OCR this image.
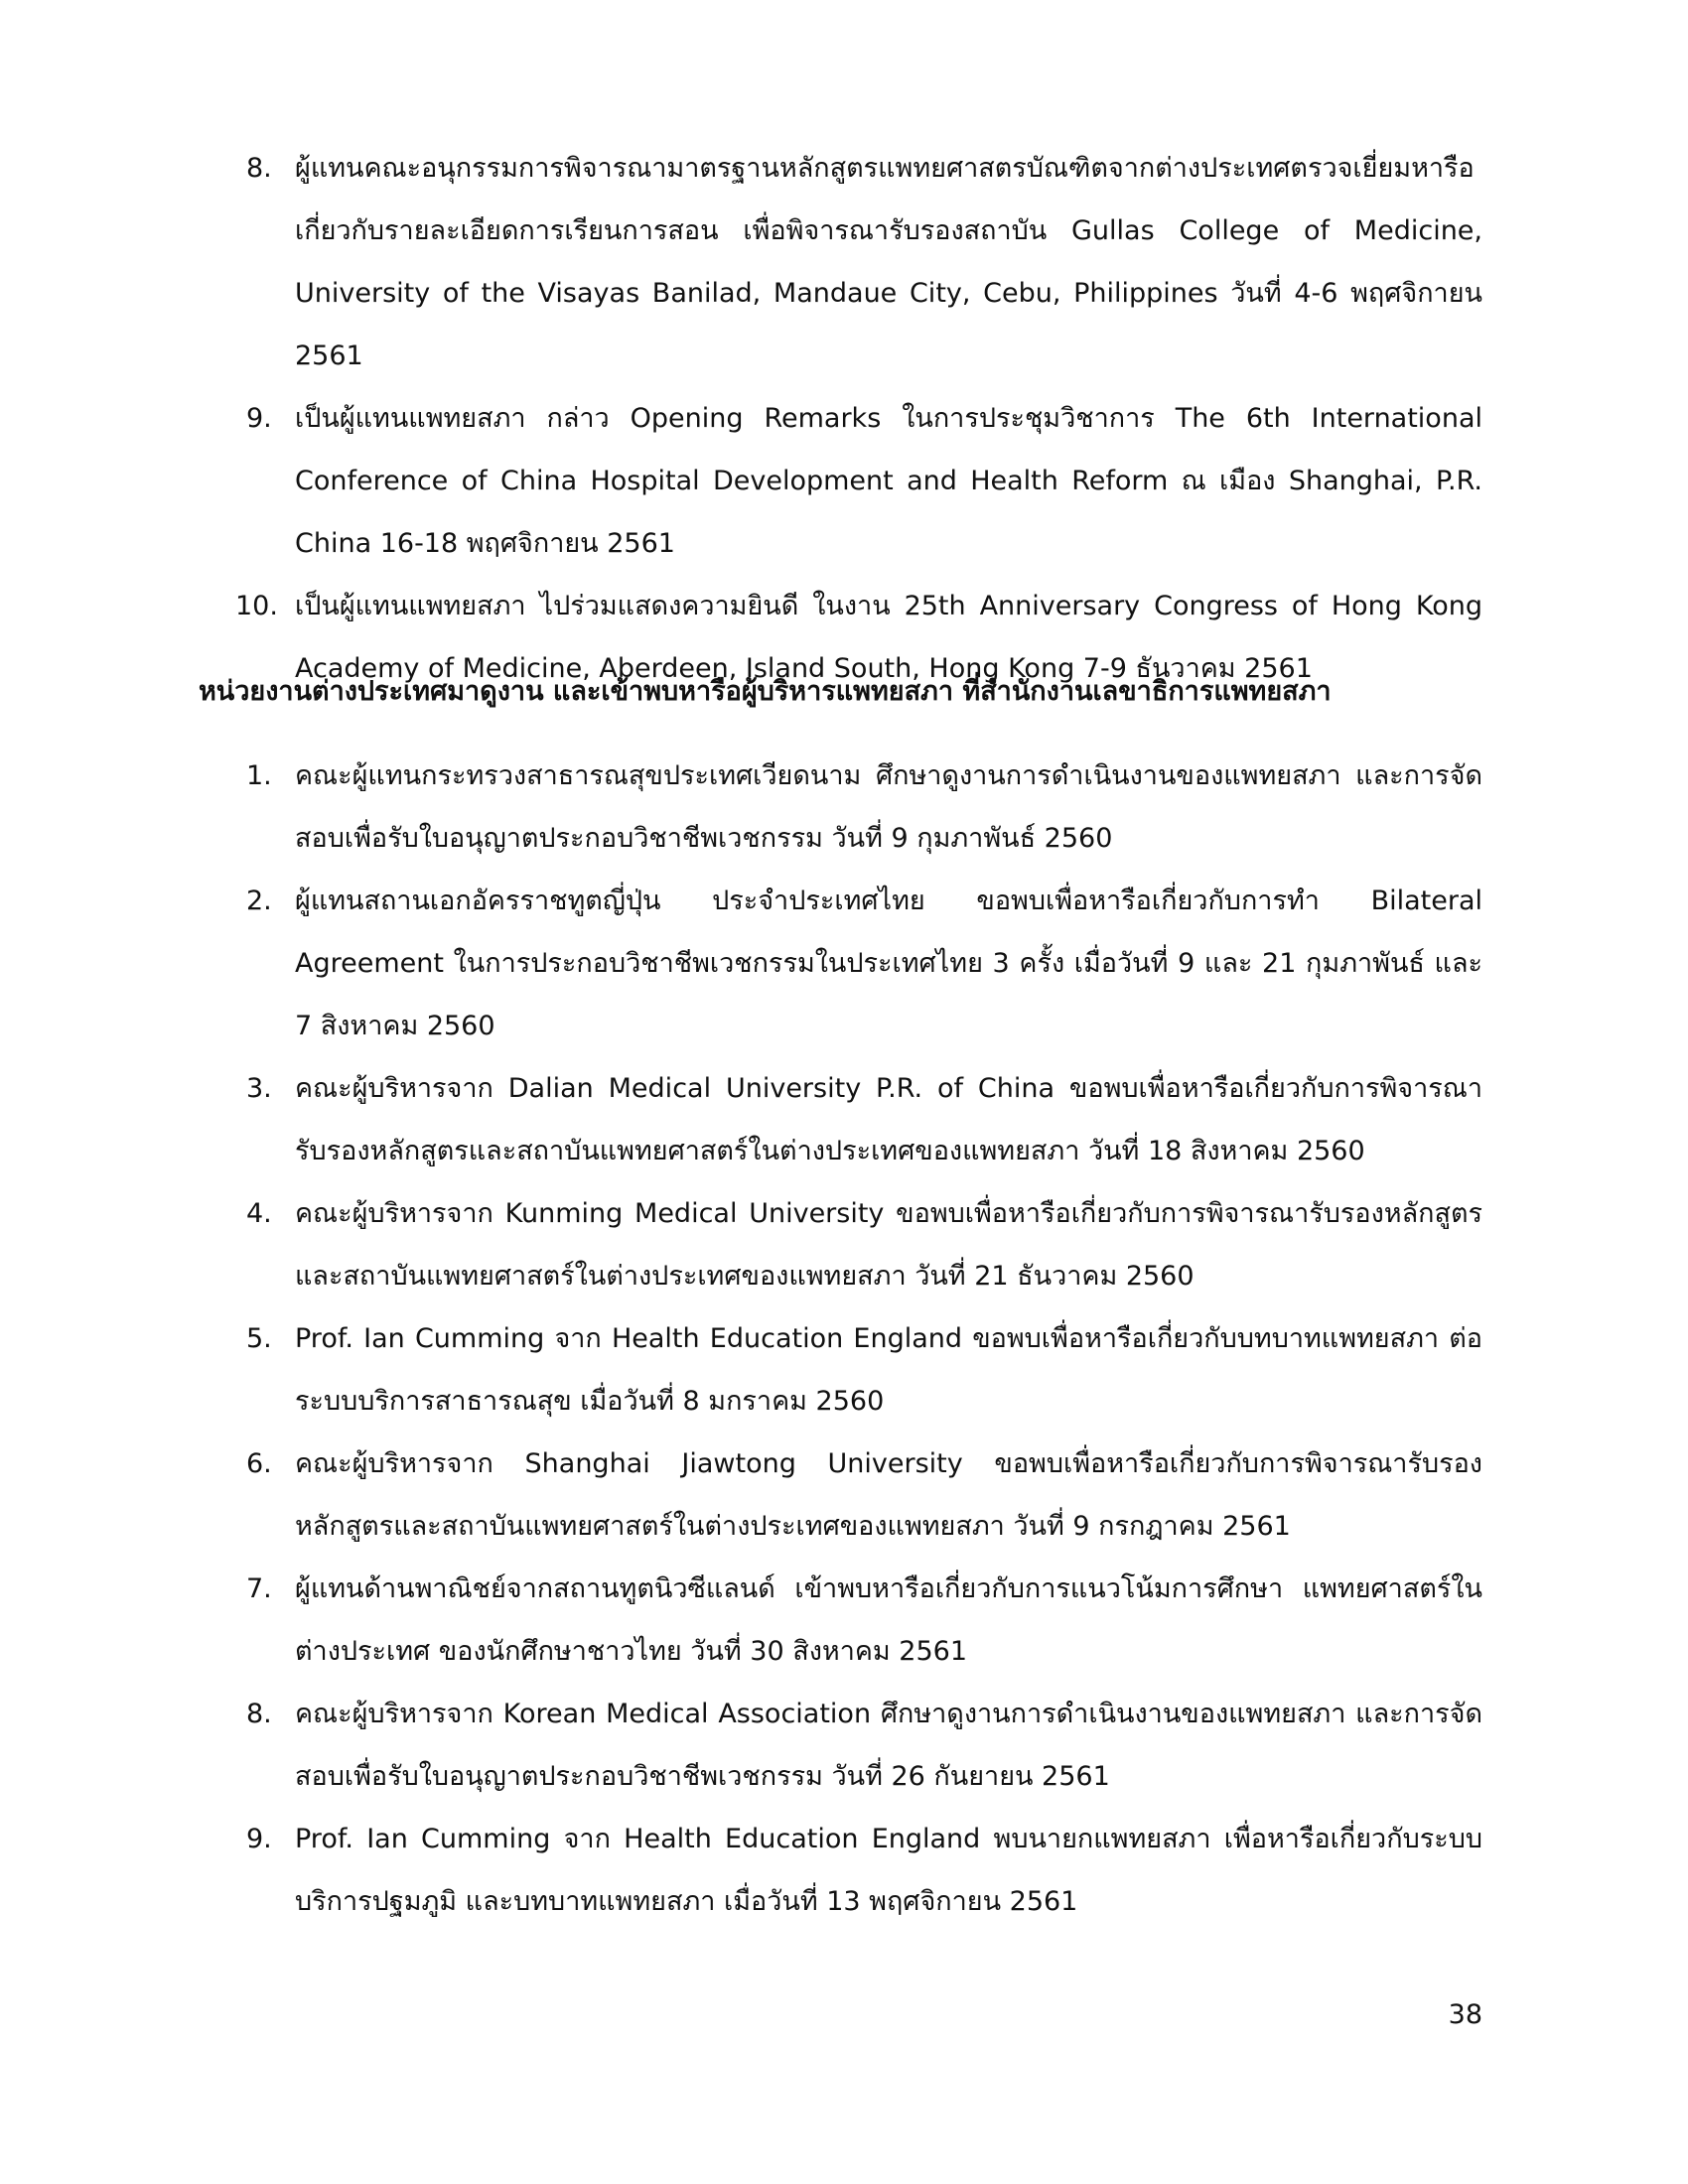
8. ผู้แทนคณะอนุกรรมการพิจารณามาตรฐานหลักสูตรแพทยศาสตรบัณฑิตจากต่างประเทศตรวจเยี่ยมหารือเกี่ยวกับรายละเอียดการเรียนการสอน เพื่อพิจารณารับรองสถาบัน Gullas College of Medicine, University of the Visayas Banilad, Mandaue City, Cebu, Philippines วันที่ 4-6 พฤศจิกายน 2561
9. เป็นผู้แทนแพทยสภา กล่าว Opening Remarks ในการประชุมวิชาการ The 6th International Conference of China Hospital Development and Health Reform ณ เมือง Shanghai, P.R. China 16-18 พฤศจิกายน 2561
10. เป็นผู้แทนแพทยสภา ไปร่วมแสดงความยินดี ในงาน 25th Anniversary Congress of Hong Kong Academy of Medicine, Aberdeen, Island South, Hong Kong 7-9 ธันวาคม 2561
หน่วยงานต่างประเทศมาดูงาน และเข้าพบหารือผู้บริหารแพทยสภา ที่สำนักงานเลขาธิการแพทยสภา
1. คณะผู้แทนกระทรวงสาธารณสุขประเทศเวียดนาม ศึกษาดูงานการดำเนินงานของแพทยสภา และการจัดสอบเพื่อรับใบอนุญาตประกอบวิชาชีพเวชกรรม วันที่ 9 กุมภาพันธ์ 2560
2. ผู้แทนสถานเอกอัครราชทูตญี่ปุ่น ประจำประเทศไทย ขอพบเพื่อหารือเกี่ยวกับการทำ Bilateral Agreement ในการประกอบวิชาชีพเวชกรรมในประเทศไทย 3 ครั้ง เมื่อวันที่ 9 และ 21 กุมภาพันธ์ และ 7 สิงหาคม 2560
3. คณะผู้บริหารจาก Dalian Medical University P.R. of China ขอพบเพื่อหารือเกี่ยวกับการพิจารณารับรองหลักสูตรและสถาบันแพทยศาสตร์ในต่างประเทศของแพทยสภา วันที่ 18 สิงหาคม 2560
4. คณะผู้บริหารจาก Kunming Medical University ขอพบเพื่อหารือเกี่ยวกับการพิจารณารับรองหลักสูตรและสถาบันแพทยศาสตร์ในต่างประเทศของแพทยสภา วันที่ 21 ธันวาคม 2560
5. Prof. Ian Cumming จาก Health Education England ขอพบเพื่อหารือเกี่ยวกับบทบาทแพทยสภา ต่อระบบบริการสาธารณสุข เมื่อวันที่ 8 มกราคม 2560
6. คณะผู้บริหารจาก Shanghai Jiawtong University ขอพบเพื่อหารือเกี่ยวกับการพิจารณารับรองหลักสูตรและสถาบันแพทยศาสตร์ในต่างประเทศของแพทยสภา วันที่ 9 กรกฎาคม 2561
7. ผู้แทนด้านพาณิชย์จากสถานทูตนิวซีแลนด์ เข้าพบหารือเกี่ยวกับการแนวโน้มการศึกษา แพทยศาสตร์ในต่างประเทศ ของนักศึกษาชาวไทย วันที่ 30 สิงหาคม 2561
8. คณะผู้บริหารจาก Korean Medical Association ศึกษาดูงานการดำเนินงานของแพทยสภา และการจัดสอบเพื่อรับใบอนุญาตประกอบวิชาชีพเวชกรรม วันที่ 26 กันยายน 2561
9. Prof. Ian Cumming จาก Health Education England พบนายกแพทยสภา เพื่อหารือเกี่ยวกับระบบบริการปฐมภูมิ และบทบาทแพทยสภา เมื่อวันที่ 13 พฤศจิกายน 2561
38
